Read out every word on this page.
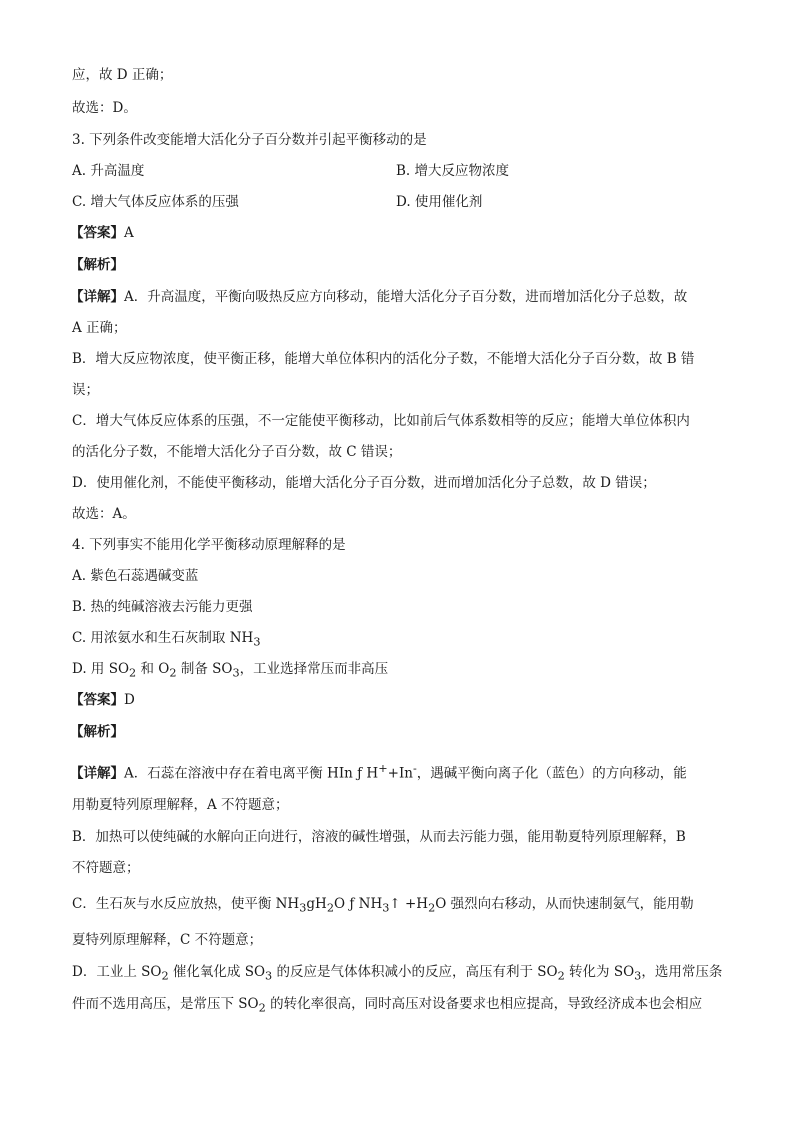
应，故 D 正确；
故选：D。
3. 下列条件改变能增大活化分子百分数并引起平衡移动的是
A. 升高温度	B. 增大反应物浓度
C. 增大气体反应体系的压强	D. 使用催化剂
【答案】A
【解析】
【详解】A．升高温度，平衡向吸热反应方向移动，能增大活化分子百分数，进而增加活化分子总数，故
A 正确；
B．增大反应物浓度，使平衡正移，能增大单位体积内的活化分子数，不能增大活化分子百分数，故 B 错
误；
C．增大气体反应体系的压强，不一定能使平衡移动，比如前后气体系数相等的反应；能增大单位体积内
的活化分子数，不能增大活化分子百分数，故 C 错误；
D．使用催化剂，不能使平衡移动，能增大活化分子百分数，进而增加活化分子总数，故 D 错误；
故选：A。
4. 下列事实不能用化学平衡移动原理解释的是
A. 紫色石蕊遇碱变蓝
B. 热的纯碱溶液去污能力更强
C. 用浓氨水和生石灰制取 $NH_3$
D. 用 $SO_2$ 和 $O_2$ 制备 $SO_3$，工业选择常压而非高压
【答案】D
【解析】
【详解】A．石蕊在溶液中存在着电离平衡 HIn ƒ H++In-，遇碱平衡向离子化（蓝色）的方向移动，能
用勒夏特列原理解释，A 不符题意；
B．加热可以使纯碱的水解向正向进行，溶液的碱性增强，从而去污能力强，能用勒夏特列原理解释，B
不符题意；
C．生石灰与水反应放热，使平衡 $NH_3gH_2O$ ƒ $NH_3↑ +H_2O$ 强烈向右移动，从而快速制氨气，能用勒
夏特列原理解释，C 不符题意；
D．工业上 $SO_2$ 催化氧化成 $SO_3$ 的反应是气体体积减小的反应，高压有利于 $SO_2$ 转化为 $SO_3$，选用常压条
件而不选用高压，是常压下 $SO_2$ 的转化率很高，同时高压对设备要求也相应提高，导致经济成本也会相应
